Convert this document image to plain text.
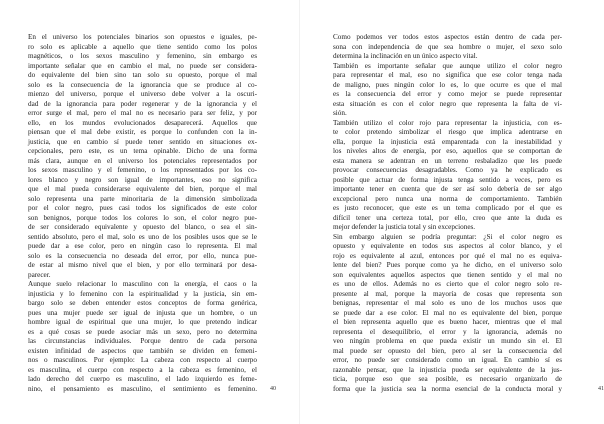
En el universo los potenciales binarios son opuestos e iguales, pe-
ro solo es aplicable a aquello que tiene sentido como los polos
magnéticos, o los sexos masculino y femenino, sin embargo es
importante señalar que en cambio el mal, no puede ser considera-
do equivalente del bien sino tan solo su opuesto, porque el mal
solo es la consecuencia de la ignorancia que se produce al co-
mienzo del universo, porque el universo debe volver a la oscuri-
dad de la ignorancia para poder regenerar y de la ignorancia y el
error surge el mal, pero el mal no es necesario para ser feliz, y por
ello, en los mundos evolucionados desaparecerá. Aquellos que
piensan que el mal debe existir, es porque lo confunden con la in-
justicia, que en cambio sí puede tener sentido en situaciones ex-
cepcionales, pero este, es un tema opinable. Dicho de una forma
más clara, aunque en el universo los potenciales representados por
los sexos masculino y el femenino, o los representados por los co-
lores blanco y negro son igual de importantes, eso no significa
que el mal pueda considerarse equivalente del bien, porque el mal
solo representa una parte minoritaria de la dimensión simbolizada
por el color negro, pues casi todos los significados de este color
son benignos, porque todos los colores lo son, el color negro pue-
de ser considerado equivalente y opuesto del blanco, o sea el sin-
sentido absoluto, pero el mal, solo es uno de los posibles usos que se le
puede dar a ese color, pero en ningún caso lo representa. El mal
solo es la consecuencia no deseada del error, por ello, nunca pue-
de estar al mismo nivel que el bien, y por ello terminará por desa-
parecer.
Aunque suelo relacionar lo masculino con la energía, el caos o la
injusticia y lo femenino con la espiritualidad y la justicia, sin em-
bargo solo se deben entender estos conceptos de forma genérica,
pues una mujer puede ser igual de injusta que un hombre, o un
hombre igual de espiritual que una mujer, lo que pretendo indicar
es a qué cosas se puede asociar más un sexo, pero no determina
las circunstancias individuales. Porque dentro de cada persona
existen infinidad de aspectos que también se dividen en femeni-
nos o masculinos. Por ejemplo: La cabeza con respecto al cuerpo
es masculina, el cuerpo con respecto a la cabeza es femenino, el
lado derecho del cuerpo es masculino, el lado izquierdo es feme-
nino, el pensamiento es masculino, el sentimiento es femenino. 40
Como podemos ver todos estos aspectos están dentro de cada per-
sona con independencia de que sea hombre o mujer, el sexo solo
determina la inclinación en un único aspecto vital.
También es importante señalar que aunque utilizo el color negro
para representar el mal, eso no significa que ese color tenga nada
de maligno, pues ningún color lo es, lo que ocurre es que el mal
es la consecuencia del error y como mejor se puede representar
esta situación es con el color negro que representa la falta de vi-
sión.
También utilizo el color rojo para representar la injusticia, con es-
te color pretendo simbolizar el riesgo que implica adentrarse en
ella, porque la injusticia está emparentada con la inestabilidad y
los niveles altos de energía, por eso, aquellos que se comportan de
esta manera se adentran en un terreno resbaladizo que les puede
provocar consecuencias desagradables. Como ya he explicado es
posible que actuar de forma injusta tenga sentido a veces, pero es
importante tener en cuenta que de ser así solo debería de ser algo
excepcional pero nunca una norma de comportamiento. También
es justo reconocer, que este es un tema complicado por el que es
difícil tener una certeza total, por ello, creo que ante la duda es
mejor defender la justicia total y sin excepciones.
Sin embargo alguien se podría preguntar: ¿Si el color negro es
opuesto y equivalente en todos sus aspectos al color blanco, y el
rojo es equivalente al azul, entonces por qué el mal no es equiva-
lente del bien? Pues porque como ya he dicho, en el universo solo
son equivalentes aquellos aspectos que tienen sentido y el mal no
es uno de ellos. Además no es cierto que el color negro solo re-
presente al mal, porque la mayoría de cosas que representa son
benignas, representar el mal solo es uno de los muchos usos que
se puede dar a ese color. El mal no es equivalente del bien, porque
el bien representa aquello que es bueno hacer, mientras que el mal
representa el desequilibrio, el error y la ignorancia, además no
veo ningún problema en que pueda existir un mundo sin el. El
mal puede ser opuesto del bien, pero al ser la consecuencia del
error, no puede ser considerado como un igual. En cambio sí es
razonable pensar, que la injusticia pueda ser equivalente de la jus-
ticia, porque eso que sea posible, es necesario organizarlo de
forma que la justicia sea la norma esencial de la conducta moral y	41
